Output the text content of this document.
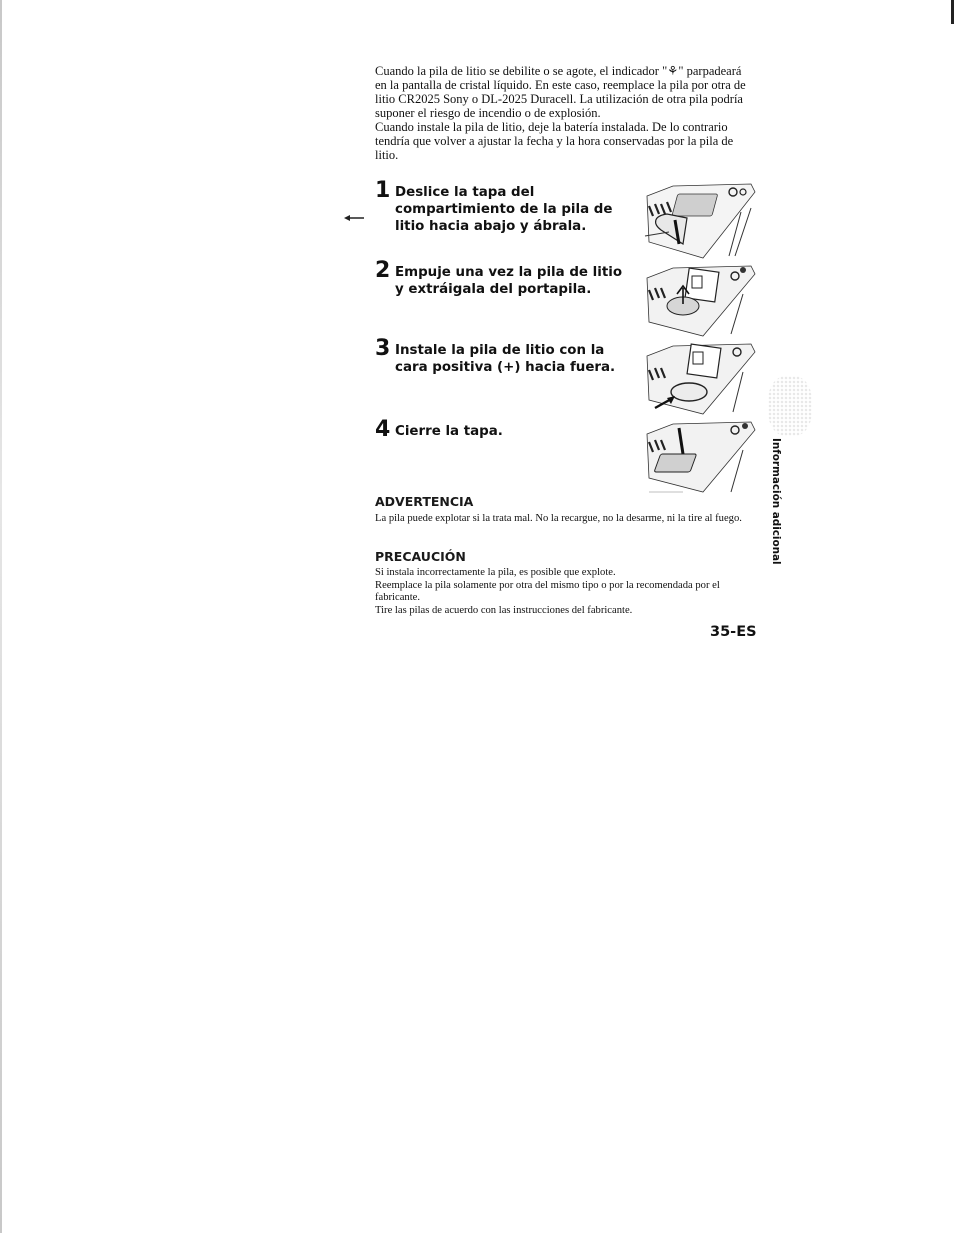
Cuando la pila de litio se debilite o se agote, el indicador "⚘" parpadeará en la pantalla de cristal líquido. En este caso, reemplace la pila por otra de litio CR2025 Sony o DL-2025 Duracell. La utilización de otra pila podría suponer el riesgo de incendio o de explosión.

Cuando instale la pila de litio, deje la batería instalada. De lo contrario tendría que volver a ajustar la fecha y la hora conservadas por la pila de litio.

1 Deslice la tapa del compartimiento de la pila de litio hacia abajo y ábrala.
2 Empuje una vez la pila de litio y extráigala del portapila.
3 Instale la pila de litio con la cara positiva (+) hacia fuera.
4 Cierre la tapa.
ADVERTENCIA

La pila puede explotar si la trata mal. No la recargue, no la desarme, ni la tire al fuego.

PRECAUCIÓN

Si instala incorrectamente la pila, es posible que explote.

Reemplace la pila solamente por otra del mismo tipo o por la recomendada por el fabricante.

Tire las pilas de acuerdo con las instrucciones del fabricante.

35-ES
Información adicional
